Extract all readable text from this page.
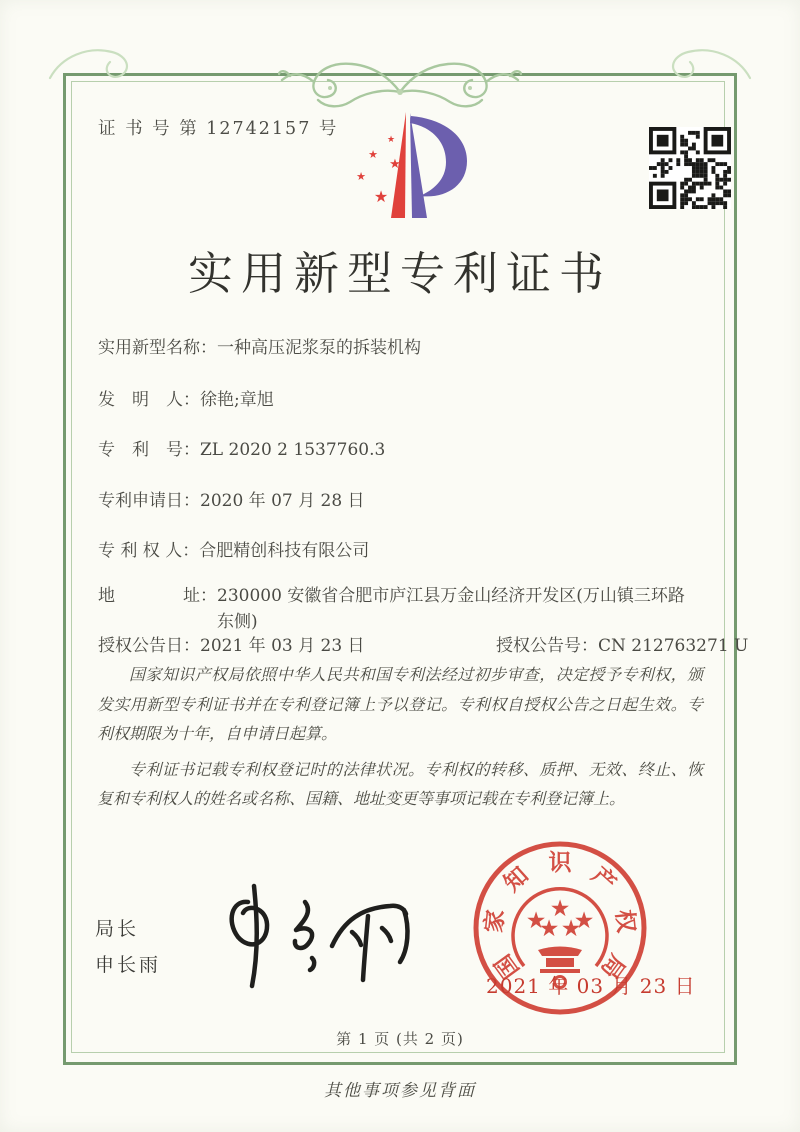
证 书 号 第 12742157 号
★
★
★
★
★
实用新型专利证书
实用新型名称：一种高压泥浆泵的拆装机构
发　明　人：徐艳;章旭
专　利　号：ZL 2020 2 1537760.3
专利申请日：2020 年 07 月 28 日
专 利 权 人：合肥精创科技有限公司
地　　　　址： 230000 安徽省合肥市庐江县万金山经济开发区(万山镇三环路东侧)
授权公告日：2021 年 03 月 23 日	授权公告号：CN 212763271 U

国家知识产权局依照中华人民共和国专利法经过初步审查，决定授予专利权，颁发实用新型专利证书并在专利登记簿上予以登记。专利权自授权公告之日起生效。专利权期限为十年，自申请日起算。

专利证书记载专利权登记时的法律状况。专利权的转移、质押、无效、终止、恢复和专利权人的姓名或名称、国籍、地址变更等事项记载在专利登记簿上。

局长
申长雨	国
家
知 识 产
权
局
★
★
★ ★
★
2021 年 03 月 23 日
第 1 页 (共 2 页)
其他事项参见背面
